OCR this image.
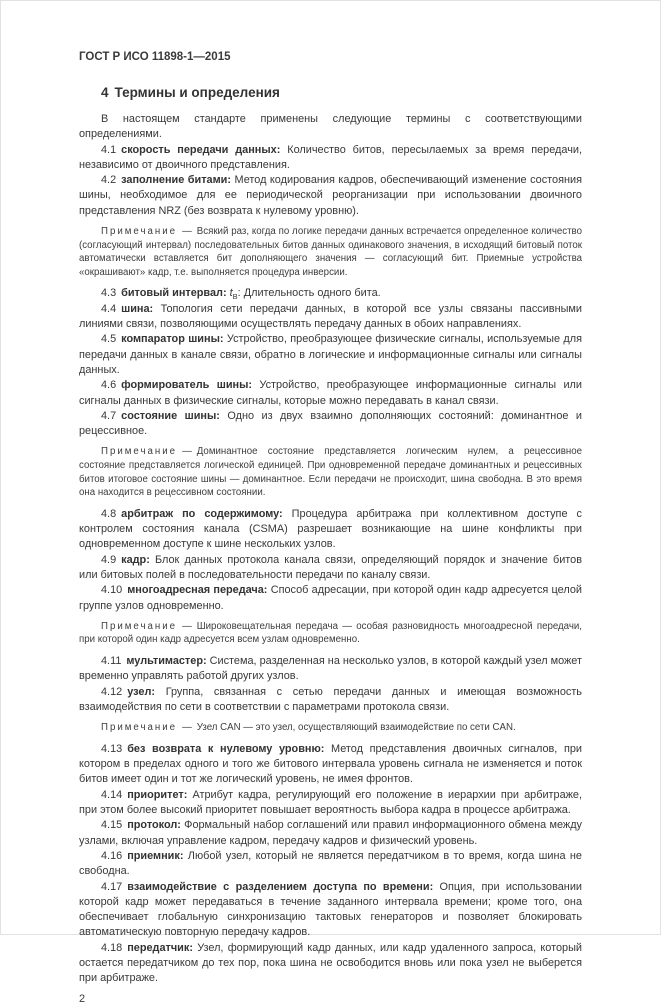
ГОСТ Р ИСО 11898-1—2015
4 Термины и определения

В настоящем стандарте применены следующие термины с соответствующими определениями.

4.1 скорость передачи данных: Количество битов, пересылаемых за время передачи, независимо от двоичного представления.

4.2 заполнение битами: Метод кодирования кадров, обеспечивающий изменение состояния шины, необходимое для ее периодической реорганизации при использовании двоичного представления NRZ (без возврата к нулевому уровню).

Примечание — Всякий раз, когда по логике передачи данных встречается определенное количество (согласующий интервал) последовательных битов данных одинакового значения, в исходящий битовый поток автоматически вставляется бит дополняющего значения — согласующий бит. Приемные устройства «окрашивают» кадр, т.е. выполняется процедура инверсии.

4.3 битовый интервал: $t_B$: Длительность одного бита.

4.4 шина: Топология сети передачи данных, в которой все узлы связаны пассивными линиями связи, позволяющими осуществлять передачу данных в обоих направлениях.

4.5 компаратор шины: Устройство, преобразующее физические сигналы, используемые для передачи данных в канале связи, обратно в логические и информационные сигналы или сигналы данных.

4.6 формирователь шины: Устройство, преобразующее информационные сигналы или сигналы данных в физические сигналы, которые можно передавать в канал связи.

4.7 состояние шины: Одно из двух взаимно дополняющих состояний: доминантное и рецессивное.

Примечание — Доминантное состояние представляется логическим нулем, а рецессивное состояние представляется логической единицей. При одновременной передаче доминантных и рецессивных битов итоговое состояние шины — доминантное. Если передачи не происходит, шина свободна. В это время она находится в рецессивном состоянии.

4.8 арбитраж по содержимому: Процедура арбитража при коллективном доступе с контролем состояния канала (CSMA) разрешает возникающие на шине конфликты при одновременном доступе к шине нескольких узлов.

4.9 кадр: Блок данных протокола канала связи, определяющий порядок и значение битов или битовых полей в последовательности передачи по каналу связи.

4.10 многоадресная передача: Способ адресации, при которой один кадр адресуется целой группе узлов одновременно.

Примечание — Широковещательная передача — особая разновидность многоадресной передачи, при которой один кадр адресуется всем узлам одновременно.

4.11 мультимастер: Система, разделенная на несколько узлов, в которой каждый узел может временно управлять работой других узлов.

4.12 узел: Группа, связанная с сетью передачи данных и имеющая возможность взаимодействия по сети в соответствии с параметрами протокола связи.

Примечание — Узел CAN — это узел, осуществляющий взаимодействие по сети CAN.

4.13 без возврата к нулевому уровню: Метод представления двоичных сигналов, при котором в пределах одного и того же битового интервала уровень сигнала не изменяется и поток битов имеет один и тот же логический уровень, не имея фронтов.

4.14 приоритет: Атрибут кадра, регулирующий его положение в иерархии при арбитраже, при этом более высокий приоритет повышает вероятность выбора кадра в процессе арбитража.

4.15 протокол: Формальный набор соглашений или правил информационного обмена между узлами, включая управление кадром, передачу кадров и физический уровень.

4.16 приемник: Любой узел, который не является передатчиком в то время, когда шина не свободна.

4.17 взаимодействие с разделением доступа по времени: Опция, при использовании которой кадр может передаваться в течение заданного интервала времени; кроме того, она обеспечивает глобальную синхронизацию тактовых генераторов и позволяет блокировать автоматическую повторную передачу кадров.

4.18 передатчик: Узел, формирующий кадр данных, или кадр удаленного запроса, который остается передатчиком до тех пор, пока шина не освободится вновь или пока узел не выберется при арбитраже.

2
